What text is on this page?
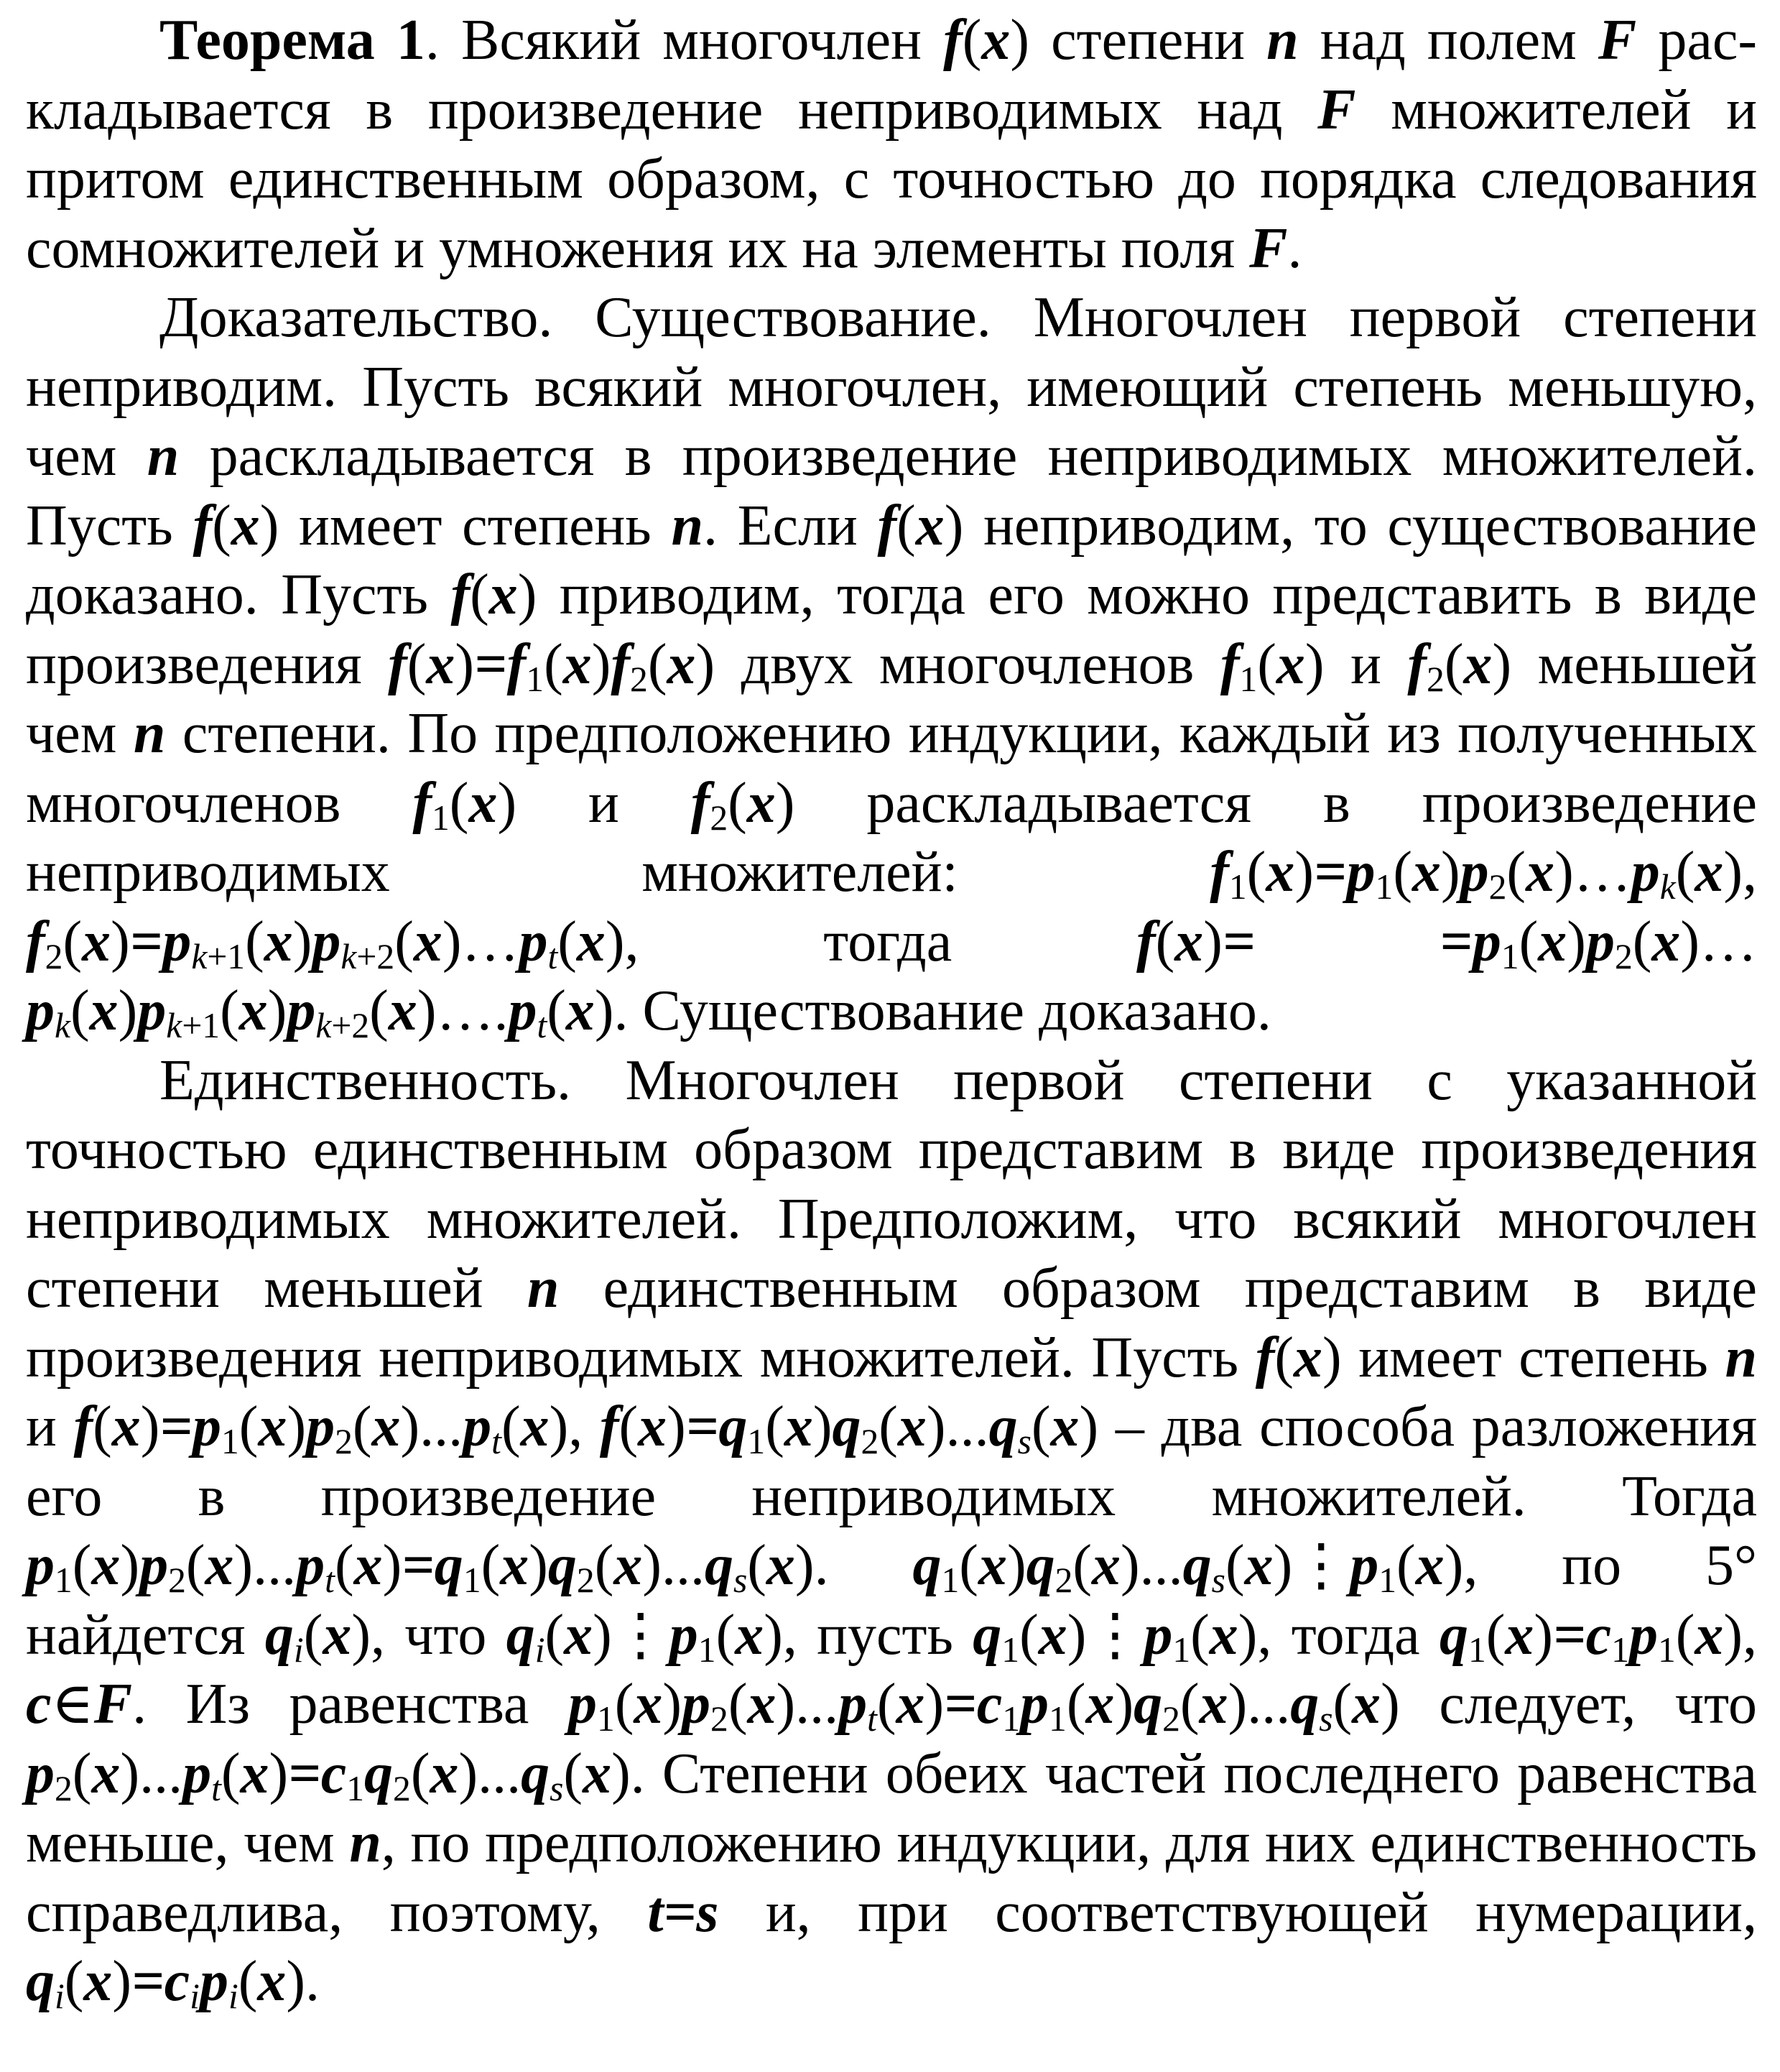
Теорема 1. Всякий многочлен f(x) степени n над полем F раскладывается в произведение неприводимых над F множителей и притом единственным образом, с точностью до порядка следования сомножителей и умножения их на элементы поля F.

Доказательство. Существование. Многочлен первой степени неприводим. Пусть всякий многочлен, имеющий степень меньшую, чем n раскладывается в произведение неприводимых множителей. Пусть f(x) имеет степень n. Если f(x) неприводим, то существование доказано. Пусть f(x) приводим, тогда его можно представить в виде произведения $f(x)=f_1(x)f_2(x)$ двух многочленов $f_1(x)$ и $f_2(x)$ меньшей чем n степени. По предположению индукции, каждый из полученных многочленов $f_1(x)$ и $f_2(x)$ раскладывается в произведение неприводимых множителей: $f_1(x)=p_1(x)p_2(x)\dots p_k(x)$, $f_2(x)=p_{k+1}(x)p_{k+2}(x)\dots p_t(x)$, тогда $f(x)= =p_1(x)p_2(x)\dots p_k(x)p_{k+1}(x)p_{k+2}(x)\dots.p_t(x)$. Существование доказано.

Единственность. Многочлен первой степени с указанной точностью единственным образом представим в виде произведения неприводимых множителей. Предположим, что всякий многочлен степени меньшей n единственным образом представим в виде произведения неприводимых множителей. Пусть f(x) имеет степень n и $f(x)=p_1(x)p_2(x)...p_t(x)$, $f(x)=q_1(x)q_2(x)...q_s(x)$ – два способа разложения его в произведение неприводимых множителей. Тогда $p_1(x)p_2(x)...p_t(x)=q_1(x)q_2(x)...q_s(x)$. $q_1(x)q_2(x)...q_s(x)⋮p_1(x)$, по 5° найдется $q_i(x)$, что $q_i(x)⋮p_1(x)$, пусть $q_1(x)⋮p_1(x)$, тогда $q_1(x)=c_1p_1(x)$, c∈F. Из равенства $p_1(x)p_2(x)...p_t(x)=c_1p_1(x)q_2(x)...q_s(x)$ следует, что $p_2(x)...p_t(x)=c_1q_2(x)...q_s(x)$. Степени обеих частей последнего равенства меньше, чем n, по предположению индукции, для них единственность справедлива, поэтому, t=s и, при соответствующей нумерации, $q_i(x)=c_ip_i(x)$.
